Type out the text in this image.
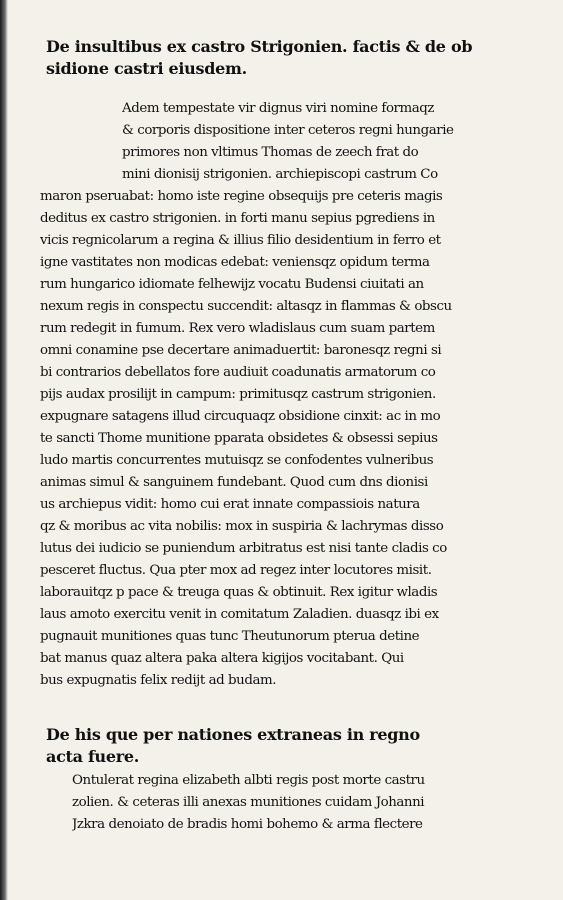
De insultibus ex castro Strigonien. factis & de ob
sidione castri eiusdem.
Adem tempestate vir dignus viri nomine formaqz
& corporis dispositione inter ceteros regni hungarie
primores non vltimus Thomas de zeech frat do
mini dionisij strigonien. archiepiscopi castrum Co
maron pseruabat: homo iste regine obsequijs pre ceteris magis
deditus ex castro strigonien. in forti manu sepius pgrediens in
vicis regnicolarum a regina & illius filio desidentium in ferro et
igne vastitates non modicas edebat: veniensqz opidum terma
rum hungarico idiomate felhewijz vocatu Budensi ciuitati an
nexum regis in conspectu succendit: altasqz in flammas & obscu
rum redegit in fumum. Rex vero wladislaus cum suam partem
omni conamine pse decertare animaduertit: baronesqz regni si
bi contrarios debellatos fore audiuit coadunatis armatorum co
pijs audax prosilijt in campum: primitusqz castrum strigonien.
expugnare satagens illud circuquaqz obsidione cinxit: ac in mo
te sancti Thome munitione pparata obsidetes & obsessi sepius
ludo martis concurrentes mutuisqz se confodentes vulneribus
animas simul & sanguinem fundebant. Quod cum dns dionisi
us archiepus vidit: homo cui erat innate compassiois natura
qz & moribus ac vita nobilis: mox in suspiria & lachrymas disso
lutus dei iudicio se puniendum arbitratus est nisi tante cladis co
pesceret fluctus. Qua pter mox ad regez inter locutores misit.
laborauitqz p pace & treuga quas & obtinuit. Rex igitur wladis
laus amoto exercitu venit in comitatum Zaladien. duasqz ibi ex
pugnauit munitiones quas tunc Theutunorum pterua detine
bat manus quaz altera paka altera kigijos vocitabant. Qui
bus expugnatis felix redijt ad budam.
De his que per nationes extraneas in regno
acta fuere.
Ontulerat regina elizabeth albti regis post morte castru
zolien. & ceteras illi anexas munitiones cuidam Johanni
Jzkra denoiato de bradis homi bohemo & arma flectere
